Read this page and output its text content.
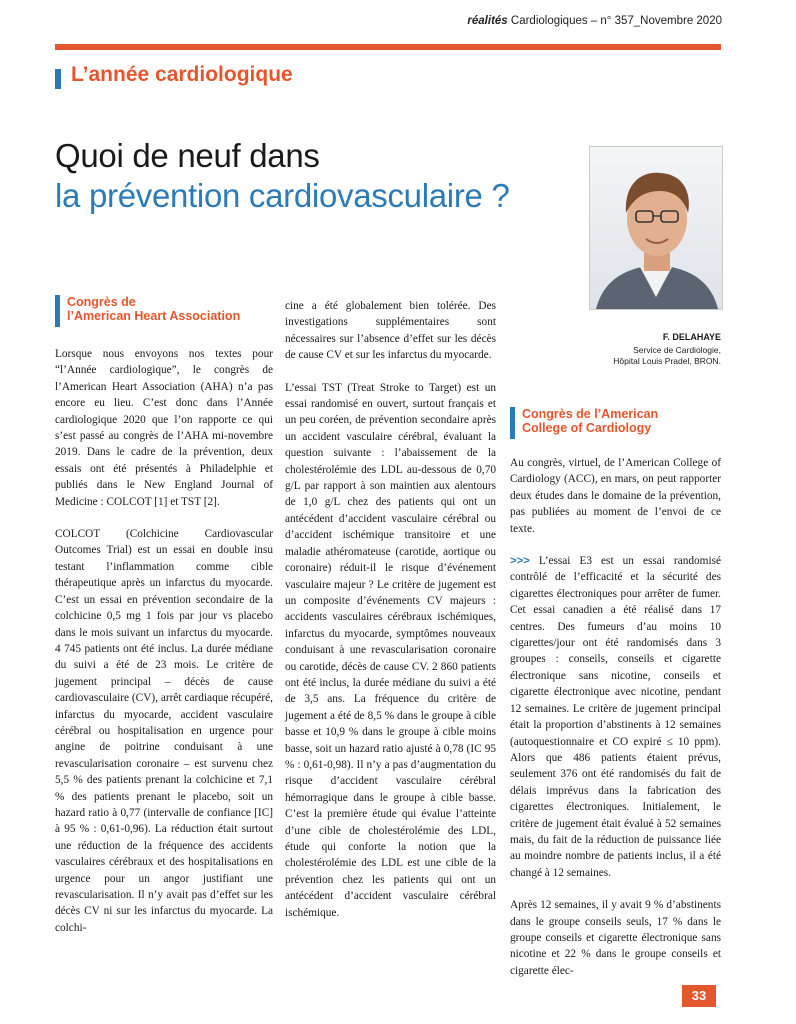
réalités Cardiologiques – n° 357_Novembre 2020
L’année cardiologique
Quoi de neuf dans
la prévention cardiovasculaire ?
F. DELAHAYE
Service de Cardiologie,
Hôpital Louis Pradel, BRON.
Congrès de
l’American Heart Association

Lorsque nous envoyons nos textes pour “l’Année cardiologique”, le congrès de l’American Heart Association (AHA) n’a pas encore eu lieu. C’est donc dans l’Année cardiologique 2020 que l’on rapporte ce qui s’est passé au congrès de l’AHA mi-novembre 2019. Dans le cadre de la prévention, deux essais ont été présentés à Philadelphie et publiés dans le New England Journal of Medicine : COLCOT [1] et TST [2].

COLCOT (Colchicine Cardiovascular Outcomes Trial) est un essai en double insu testant l’inflammation comme cible thérapeutique après un infarctus du myocarde. C’est un essai en prévention secondaire de la colchicine 0,5 mg 1 fois par jour vs placebo dans le mois suivant un infarctus du myocarde. 4 745 patients ont été inclus. La durée médiane du suivi a été de 23 mois. Le critère de jugement principal – décès de cause cardiovasculaire (CV), arrêt cardiaque récupéré, infarctus du myocarde, accident vasculaire cérébral ou hospitalisation en urgence pour angine de poitrine conduisant à une revascularisation coronaire – est survenu chez 5,5 % des patients prenant la colchicine et 7,1 % des patients prenant le placebo, soit un hazard ratio à 0,77 (intervalle de confiance [IC] à 95 % : 0,61-0,96). La réduction était surtout une réduction de la fréquence des accidents vasculaires cérébraux et des hospitalisations en urgence pour un angor justifiant une revascularisation. Il n’y avait pas d’effet sur les décès CV ni sur les infarctus du myocarde. La colchi-

cine a été globalement bien tolérée. Des investigations supplémentaires sont nécessaires sur l’absence d’effet sur les décès de cause CV et sur les infarctus du myocarde.

L’essai TST (Treat Stroke to Target) est un essai randomisé en ouvert, surtout français et un peu coréen, de prévention secondaire après un accident vasculaire cérébral, évaluant la question suivante : l’abaissement de la cholestérolémie des LDL au-dessous de 0,70 g/L par rapport à son maintien aux alentours de 1,0 g/L chez des patients qui ont un antécédent d’accident vasculaire cérébral ou d’accident ischémique transitoire et une maladie athéromateuse (carotide, aortique ou coronaire) réduit-il le risque d’événement vasculaire majeur ? Le critère de jugement est un composite d’événements CV majeurs : accidents vasculaires cérébraux ischémiques, infarctus du myocarde, symptômes nouveaux conduisant à une revascularisation coronaire ou carotide, décès de cause CV. 2 860 patients ont été inclus, la durée médiane du suivi a été de 3,5 ans. La fréquence du critère de jugement a été de 8,5 % dans le groupe à cible basse et 10,9 % dans le groupe à cible moins basse, soit un hazard ratio ajusté à 0,78 (IC 95 % : 0,61-0,98). Il n’y a pas d’augmentation du risque d’accident vasculaire cérébral hémorragique dans le groupe à cible basse. C’est la première étude qui évalue l’atteinte d’une cible de cholestérolémie des LDL, étude qui conforte la notion que la cholestérolémie des LDL est une cible de la prévention chez les patients qui ont un antécédent d’accident vasculaire cérébral ischémique.

Congrès de l’American
College of Cardiology

Au congrès, virtuel, de l’American College of Cardiology (ACC), en mars, on peut rapporter deux études dans le domaine de la prévention, pas publiées au moment de l’envoi de ce texte.

>>> L’essai E3 est un essai randomisé contrôlé de l’efficacité et la sécurité des cigarettes électroniques pour arrêter de fumer. Cet essai canadien a été réalisé dans 17 centres. Des fumeurs d’au moins 10 cigarettes/jour ont été randomisés dans 3 groupes : conseils, conseils et cigarette électronique sans nicotine, conseils et cigarette électronique avec nicotine, pendant 12 semaines. Le critère de jugement principal était la proportion d’abstinents à 12 semaines (autoquestionnaire et CO expiré ≤ 10 ppm). Alors que 486 patients étaient prévus, seulement 376 ont été randomisés du fait de délais imprévus dans la fabrication des cigarettes électroniques. Initialement, le critère de jugement était évalué à 52 semaines mais, du fait de la réduction de puissance liée au moindre nombre de patients inclus, il a été changé à 12 semaines.

Après 12 semaines, il y avait 9 % d’abstinents dans le groupe conseils seuls, 17 % dans le groupe conseils et cigarette électronique sans nicotine et 22 % dans le groupe conseils et cigarette élec-

33
